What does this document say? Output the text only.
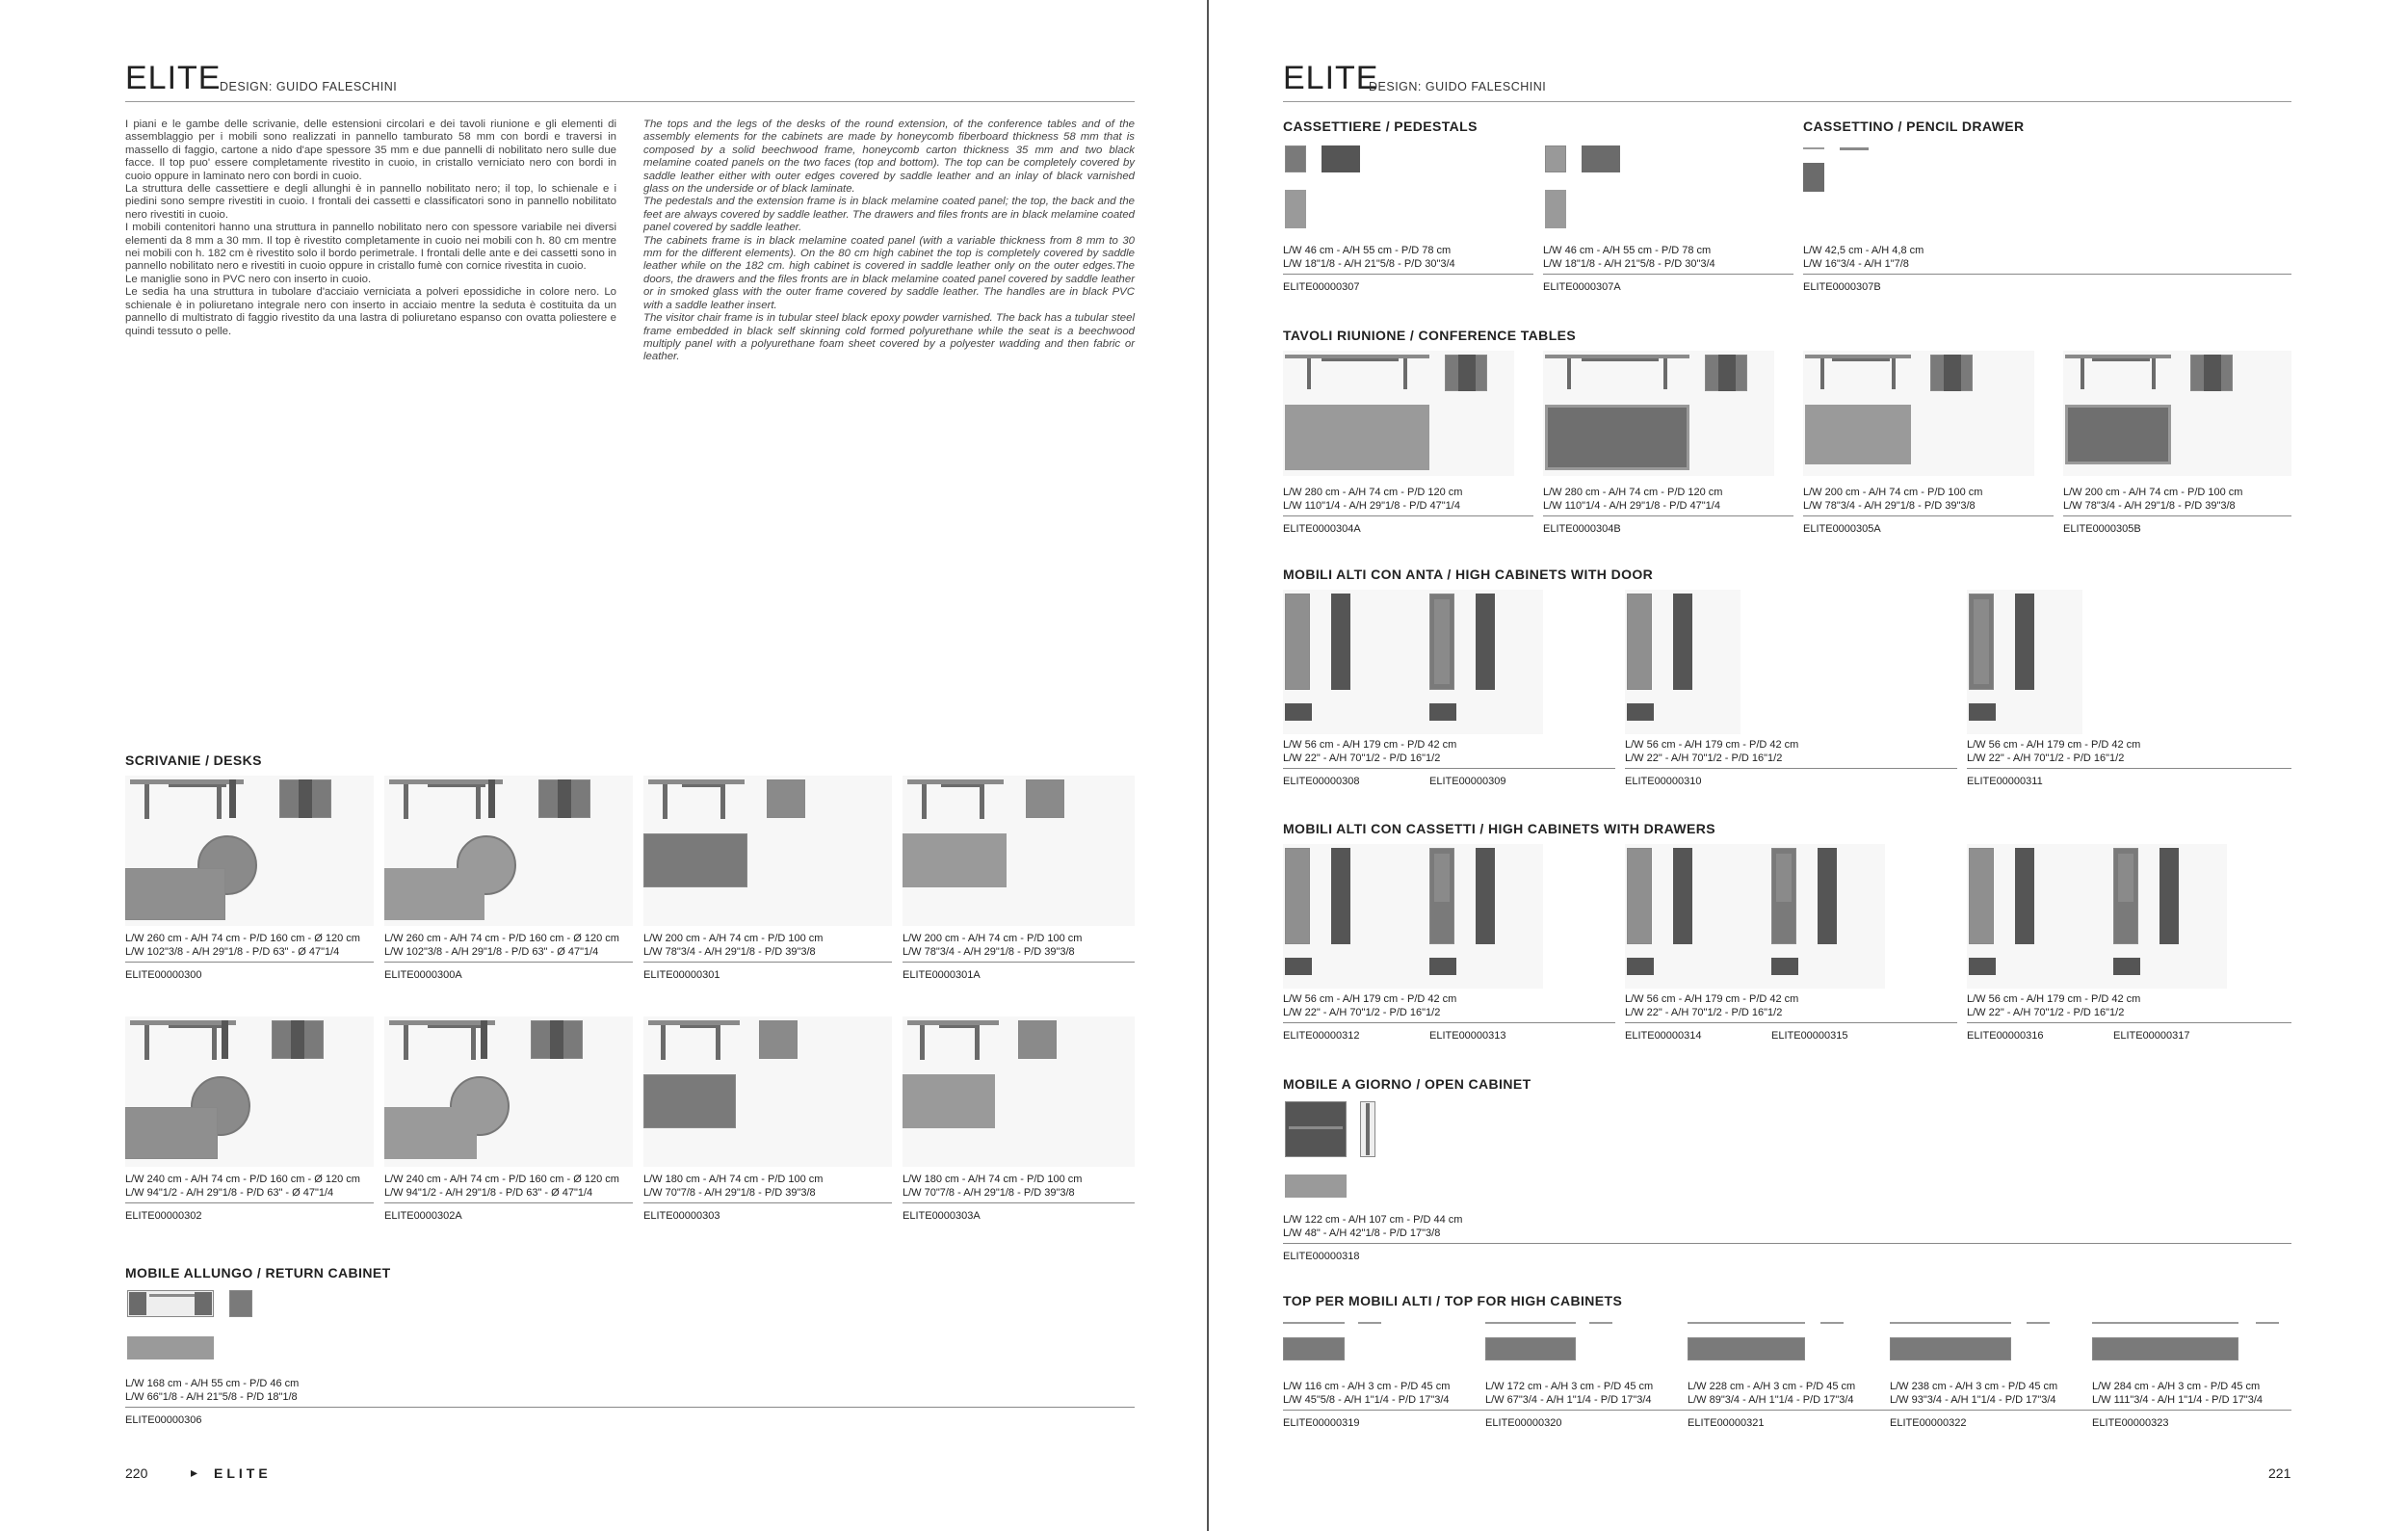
ELITE
DESIGN: GUIDO FALESCHINI

I piani e le gambe delle scrivanie, delle estensioni circolari e dei tavoli riunione e gli elementi di assemblaggio per i mobili sono realizzati in pannello tamburato 58 mm con bordi e traversi in massello di faggio, cartone a nido d'ape spessore 35 mm e due pannelli di nobilitato nero sulle due facce. Il top puo' essere completamente rivestito in cuoio, in cristallo verniciato nero con bordi in cuoio oppure in laminato nero con bordi in cuoio.

La struttura delle cassettiere e degli allunghi è in pannello nobilitato nero; il top, lo schienale e i piedini sono sempre rivestiti in cuoio. I frontali dei cassetti e classificatori sono in pannello nobilitato nero rivestiti in cuoio.

I mobili contenitori hanno una struttura in pannello nobilitato nero con spessore variabile nei diversi elementi da 8 mm a 30 mm. Il top è rivestito completamente in cuoio nei mobili con h. 80 cm mentre nei mobili con h. 182 cm è rivestito solo il bordo perimetrale. I frontali delle ante e dei cassetti sono in pannello nobilitato nero e rivestiti in cuoio oppure in cristallo fumè con cornice rivestita in cuoio.

Le maniglie sono in PVC nero con inserto in cuoio.

Le sedia ha una struttura in tubolare d'acciaio verniciata a polveri epossidiche in colore nero. Lo schienale è in poliuretano integrale nero con inserto in acciaio mentre la seduta è costituita da un pannello di multistrato di faggio rivestito da una lastra di poliuretano espanso con ovatta poliestere e quindi tessuto o pelle.

The tops and the legs of the desks of the round extension, of the conference tables and of the assembly elements for the cabinets are made by honeycomb fiberboard thickness 58 mm that is composed by a solid beechwood frame, honeycomb carton thickness 35 mm and two black melamine coated panels on the two faces (top and bottom). The top can be completely covered by saddle leather either with outer edges covered by saddle leather and an inlay of black varnished glass on the underside or of black laminate.

The pedestals and the extension frame is in black melamine coated panel; the top, the back and the feet are always covered by saddle leather. The drawers and files fronts are in black melamine coated panel covered by saddle leather.

The cabinets frame is in black melamine coated panel (with a variable thickness from 8 mm to 30 mm for the different elements). On the 80 cm high cabinet the top is completely covered by saddle leather while on the 182 cm. high cabinet is covered in saddle leather only on the outer edges.The doors, the drawers and the files fronts are in black melamine coated panel covered by saddle leather or in smoked glass with the outer frame covered by saddle leather. The handles are in black PVC with a saddle leather insert.

The visitor chair frame is in tubular steel black epoxy powder varnished. The back has a tubular steel frame embedded in black self skinning cold formed polyurethane while the seat is a beechwood multiply panel with a polyurethane foam sheet covered by a polyester wadding and then fabric or leather.

SCRIVANIE / DESKS
L/W 260 cm - A/H 74 cm - P/D 160 cm - Ø 120 cm
L/W 102"3/8 - A/H 29"1/8 - P/D 63" - Ø 47"1/4
ELITE00000300
L/W 260 cm - A/H 74 cm - P/D 160 cm - Ø 120 cm
L/W 102"3/8 - A/H 29"1/8 - P/D 63" - Ø 47"1/4
ELITE0000300A
L/W 200 cm - A/H 74 cm - P/D 100 cm
L/W 78"3/4 - A/H 29"1/8 - P/D 39"3/8
ELITE00000301
L/W 200 cm - A/H 74 cm - P/D 100 cm
L/W 78"3/4 - A/H 29"1/8 - P/D 39"3/8
ELITE0000301A
L/W 240 cm - A/H 74 cm - P/D 160 cm - Ø 120 cm
L/W 94"1/2 - A/H 29"1/8 - P/D 63" - Ø 47"1/4
ELITE00000302
L/W 240 cm - A/H 74 cm - P/D 160 cm - Ø 120 cm
L/W 94"1/2 - A/H 29"1/8 - P/D 63" - Ø 47"1/4
ELITE0000302A
L/W 180 cm - A/H 74 cm - P/D 100 cm
L/W 70"7/8 - A/H 29"1/8 - P/D 39"3/8
ELITE00000303
L/W 180 cm - A/H 74 cm - P/D 100 cm
L/W 70"7/8 - A/H 29"1/8 - P/D 39"3/8
ELITE0000303A
MOBILE ALLUNGO / RETURN CABINET
L/W 168 cm - A/H 55 cm - P/D 46 cm
L/W 66"1/8 - A/H 21"5/8 - P/D 18"1/8
ELITE00000306
220	▸ ELITE
ELITE
DESIGN: GUIDO FALESCHINI
CASSETTIERE / PEDESTALS
L/W 46 cm - A/H 55 cm - P/D 78 cm
L/W 18"1/8 - A/H 21"5/8 - P/D 30"3/4
ELITE00000307
L/W 46 cm - A/H 55 cm - P/D 78 cm
L/W 18"1/8 - A/H 21"5/8 - P/D 30"3/4
ELITE0000307A
CASSETTINO / PENCIL DRAWER
L/W 42,5 cm - A/H 4,8 cm
L/W 16"3/4 - A/H 1"7/8
ELITE0000307B
TAVOLI RIUNIONE / CONFERENCE TABLES
L/W 280 cm - A/H 74 cm - P/D 120 cm
L/W 110"1/4 - A/H 29"1/8 - P/D 47"1/4
ELITE0000304A
L/W 280 cm - A/H 74 cm - P/D 120 cm
L/W 110"1/4 - A/H 29"1/8 - P/D 47"1/4
ELITE0000304B
L/W 200 cm - A/H 74 cm - P/D 100 cm
L/W 78"3/4 - A/H 29"1/8 - P/D 39"3/8
ELITE0000305A
L/W 200 cm - A/H 74 cm - P/D 100 cm
L/W 78"3/4 - A/H 29"1/8 - P/D 39"3/8
ELITE0000305B
MOBILI ALTI CON ANTA / HIGH CABINETS WITH DOOR
L/W 56 cm - A/H 179 cm - P/D 42 cm
L/W 22" - A/H 70"1/2 - P/D 16"1/2
ELITE00000308	ELITE00000309
L/W 56 cm - A/H 179 cm - P/D 42 cm
L/W 22" - A/H 70"1/2 - P/D 16"1/2
ELITE00000310
L/W 56 cm - A/H 179 cm - P/D 42 cm
L/W 22" - A/H 70"1/2 - P/D 16"1/2
ELITE00000311
MOBILI ALTI CON CASSETTI / HIGH CABINETS WITH DRAWERS
L/W 56 cm - A/H 179 cm - P/D 42 cm
L/W 22" - A/H 70"1/2 - P/D 16"1/2
ELITE00000312	ELITE00000313
L/W 56 cm - A/H 179 cm - P/D 42 cm
L/W 22" - A/H 70"1/2 - P/D 16"1/2
ELITE00000314	ELITE00000315
L/W 56 cm - A/H 179 cm - P/D 42 cm
L/W 22" - A/H 70"1/2 - P/D 16"1/2
ELITE00000316	ELITE00000317
MOBILE A GIORNO / OPEN CABINET
L/W 122 cm - A/H 107 cm - P/D 44 cm
L/W 48" - A/H 42"1/8 - P/D 17"3/8
ELITE00000318
TOP PER MOBILI ALTI / TOP FOR HIGH CABINETS
L/W 116 cm - A/H 3 cm - P/D 45 cm
L/W 45"5/8 - A/H 1"1/4 - P/D 17"3/4
ELITE00000319
L/W 172 cm - A/H 3 cm - P/D 45 cm
L/W 67"3/4 - A/H 1"1/4 - P/D 17"3/4
ELITE00000320
L/W 228 cm - A/H 3 cm - P/D 45 cm
L/W 89"3/4 - A/H 1"1/4 - P/D 17"3/4
ELITE00000321
L/W 238 cm - A/H 3 cm - P/D 45 cm
L/W 93"3/4 - A/H 1"1/4 - P/D 17"3/4
ELITE00000322
L/W 284 cm - A/H 3 cm - P/D 45 cm
L/W 111"3/4 - A/H 1"1/4 - P/D 17"3/4
ELITE00000323
221
